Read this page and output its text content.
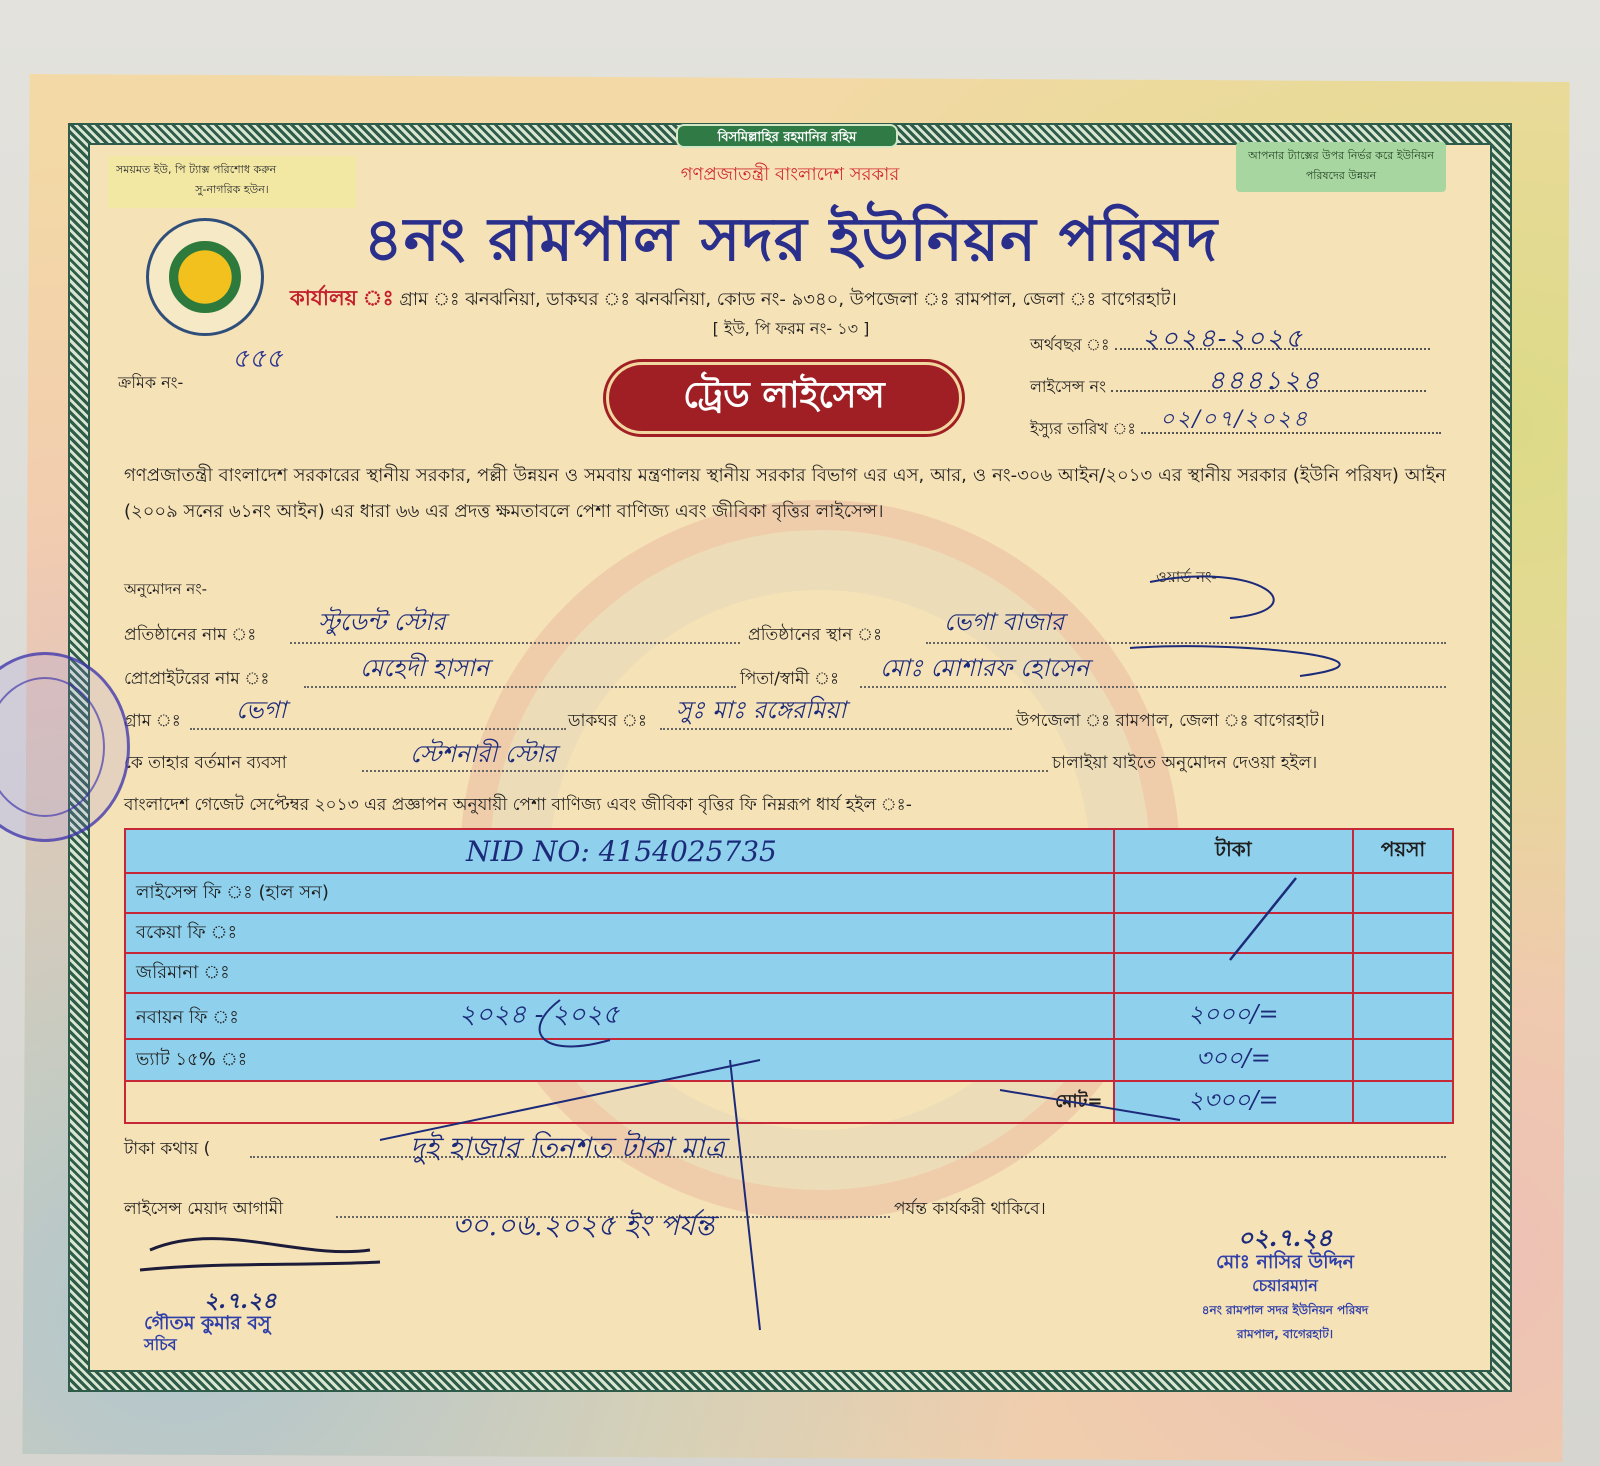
বিসমিল্লাহির রহমানির রহিম
গণপ্রজাতন্ত্রী বাংলাদেশ সরকার
সময়মত ইউ, পি ট্যাক্স পরিশোধ করুন
সু-নাগরিক হউন।
আপনার ট্যাক্সের উপর নির্ভর করে ইউনিয়ন পরিষদের উন্নয়ন
৪নং রামপাল সদর ইউনিয়ন পরিষদ
কার্যালয় ঃ গ্রাম ঃ ঝনঝনিয়া, ডাকঘর ঃ ঝনঝনিয়া, কোড নং- ৯৩৪০, উপজেলা ঃ রামপাল, জেলা ঃ বাগেরহাট।
[ ইউ, পি ফরম নং- ১৩ ]
ক্রমিক নং-
৫৫৫
ট্রেড লাইসেন্স
অর্থবছর ঃ ২০২৪-২০২৫
লাইসেন্স নং	৪৪৪১২৪
ইস্যুর তারিখ ঃ ০২/০৭/২০২৪
গণপ্রজাতন্ত্রী বাংলাদেশ সরকারের স্থানীয় সরকার, পল্লী উন্নয়ন ও সমবায় মন্ত্রণালয় স্থানীয় সরকার বিভাগ এর এস, আর, ও নং-৩০৬ আইন/২০১৩ এর স্থানীয় সরকার (ইউনি পরিষদ) আইন (২০০৯ সনের ৬১নং আইন) এর ধারা ৬৬ এর প্রদত্ত ক্ষমতাবলে পেশা বাণিজ্য এবং জীবিকা বৃত্তির লাইসেন্স।
অনুমোদন নং-
ওয়ার্ড নং-
প্রতিষ্ঠানের নাম ঃ	স্টুডেন্ট স্টোর	প্রতিষ্ঠানের স্থান ঃ	ভেগা বাজার
প্রোপ্রাইটরের নাম ঃ	মেহেদী হাসান	পিতা/স্বামী ঃ মোঃ মোশারফ হোসেন
গ্রাম ঃ ভেগা	ডাকঘর ঃ সুঃ মাঃ রঙ্গেরমিয়া	উপজেলা ঃ রামপাল, জেলা ঃ বাগেরহাট।
কে তাহার বর্তমান ব্যবসা	স্টেশনারী স্টোর	চালাইয়া যাইতে অনুমোদন দেওয়া হইল।
বাংলাদেশ গেজেট সেপ্টেম্বর ২০১৩ এর প্রজ্ঞাপন অনুযায়ী পেশা বাণিজ্য এবং জীবিকা বৃত্তির ফি নিম্নরূপ ধার্য হইল ঃ-
NID NO: 4154025735	টাকা	পয়সা
লাইসেন্স ফি ঃ (হাল সন)		
বকেয়া ফি ঃ		
জরিমানা ঃ		
নবায়ন ফি ঃ ২০২৪ - ২০২৫	২০০০/=	
ভ্যাট ১৫% ঃ	৩০০/=	
মোট=	২৩০০/=	
টাকা কথায় (	দুই হাজার তিনশত টাকা মাত্র
লাইসেন্স মেয়াদ আগামী	৩০.০৬.২০২৫ ইং পর্যন্ত	পর্যন্ত কার্যকরী থাকিবে।
০২.৭.২৪
মোঃ নাসির উদ্দিন
চেয়ারম্যান
৪নং রামপাল সদর ইউনিয়ন পরিষদ
রামপাল, বাগেরহাট।
২.৭.২৪
গৌতম কুমার বসু
সচিব
